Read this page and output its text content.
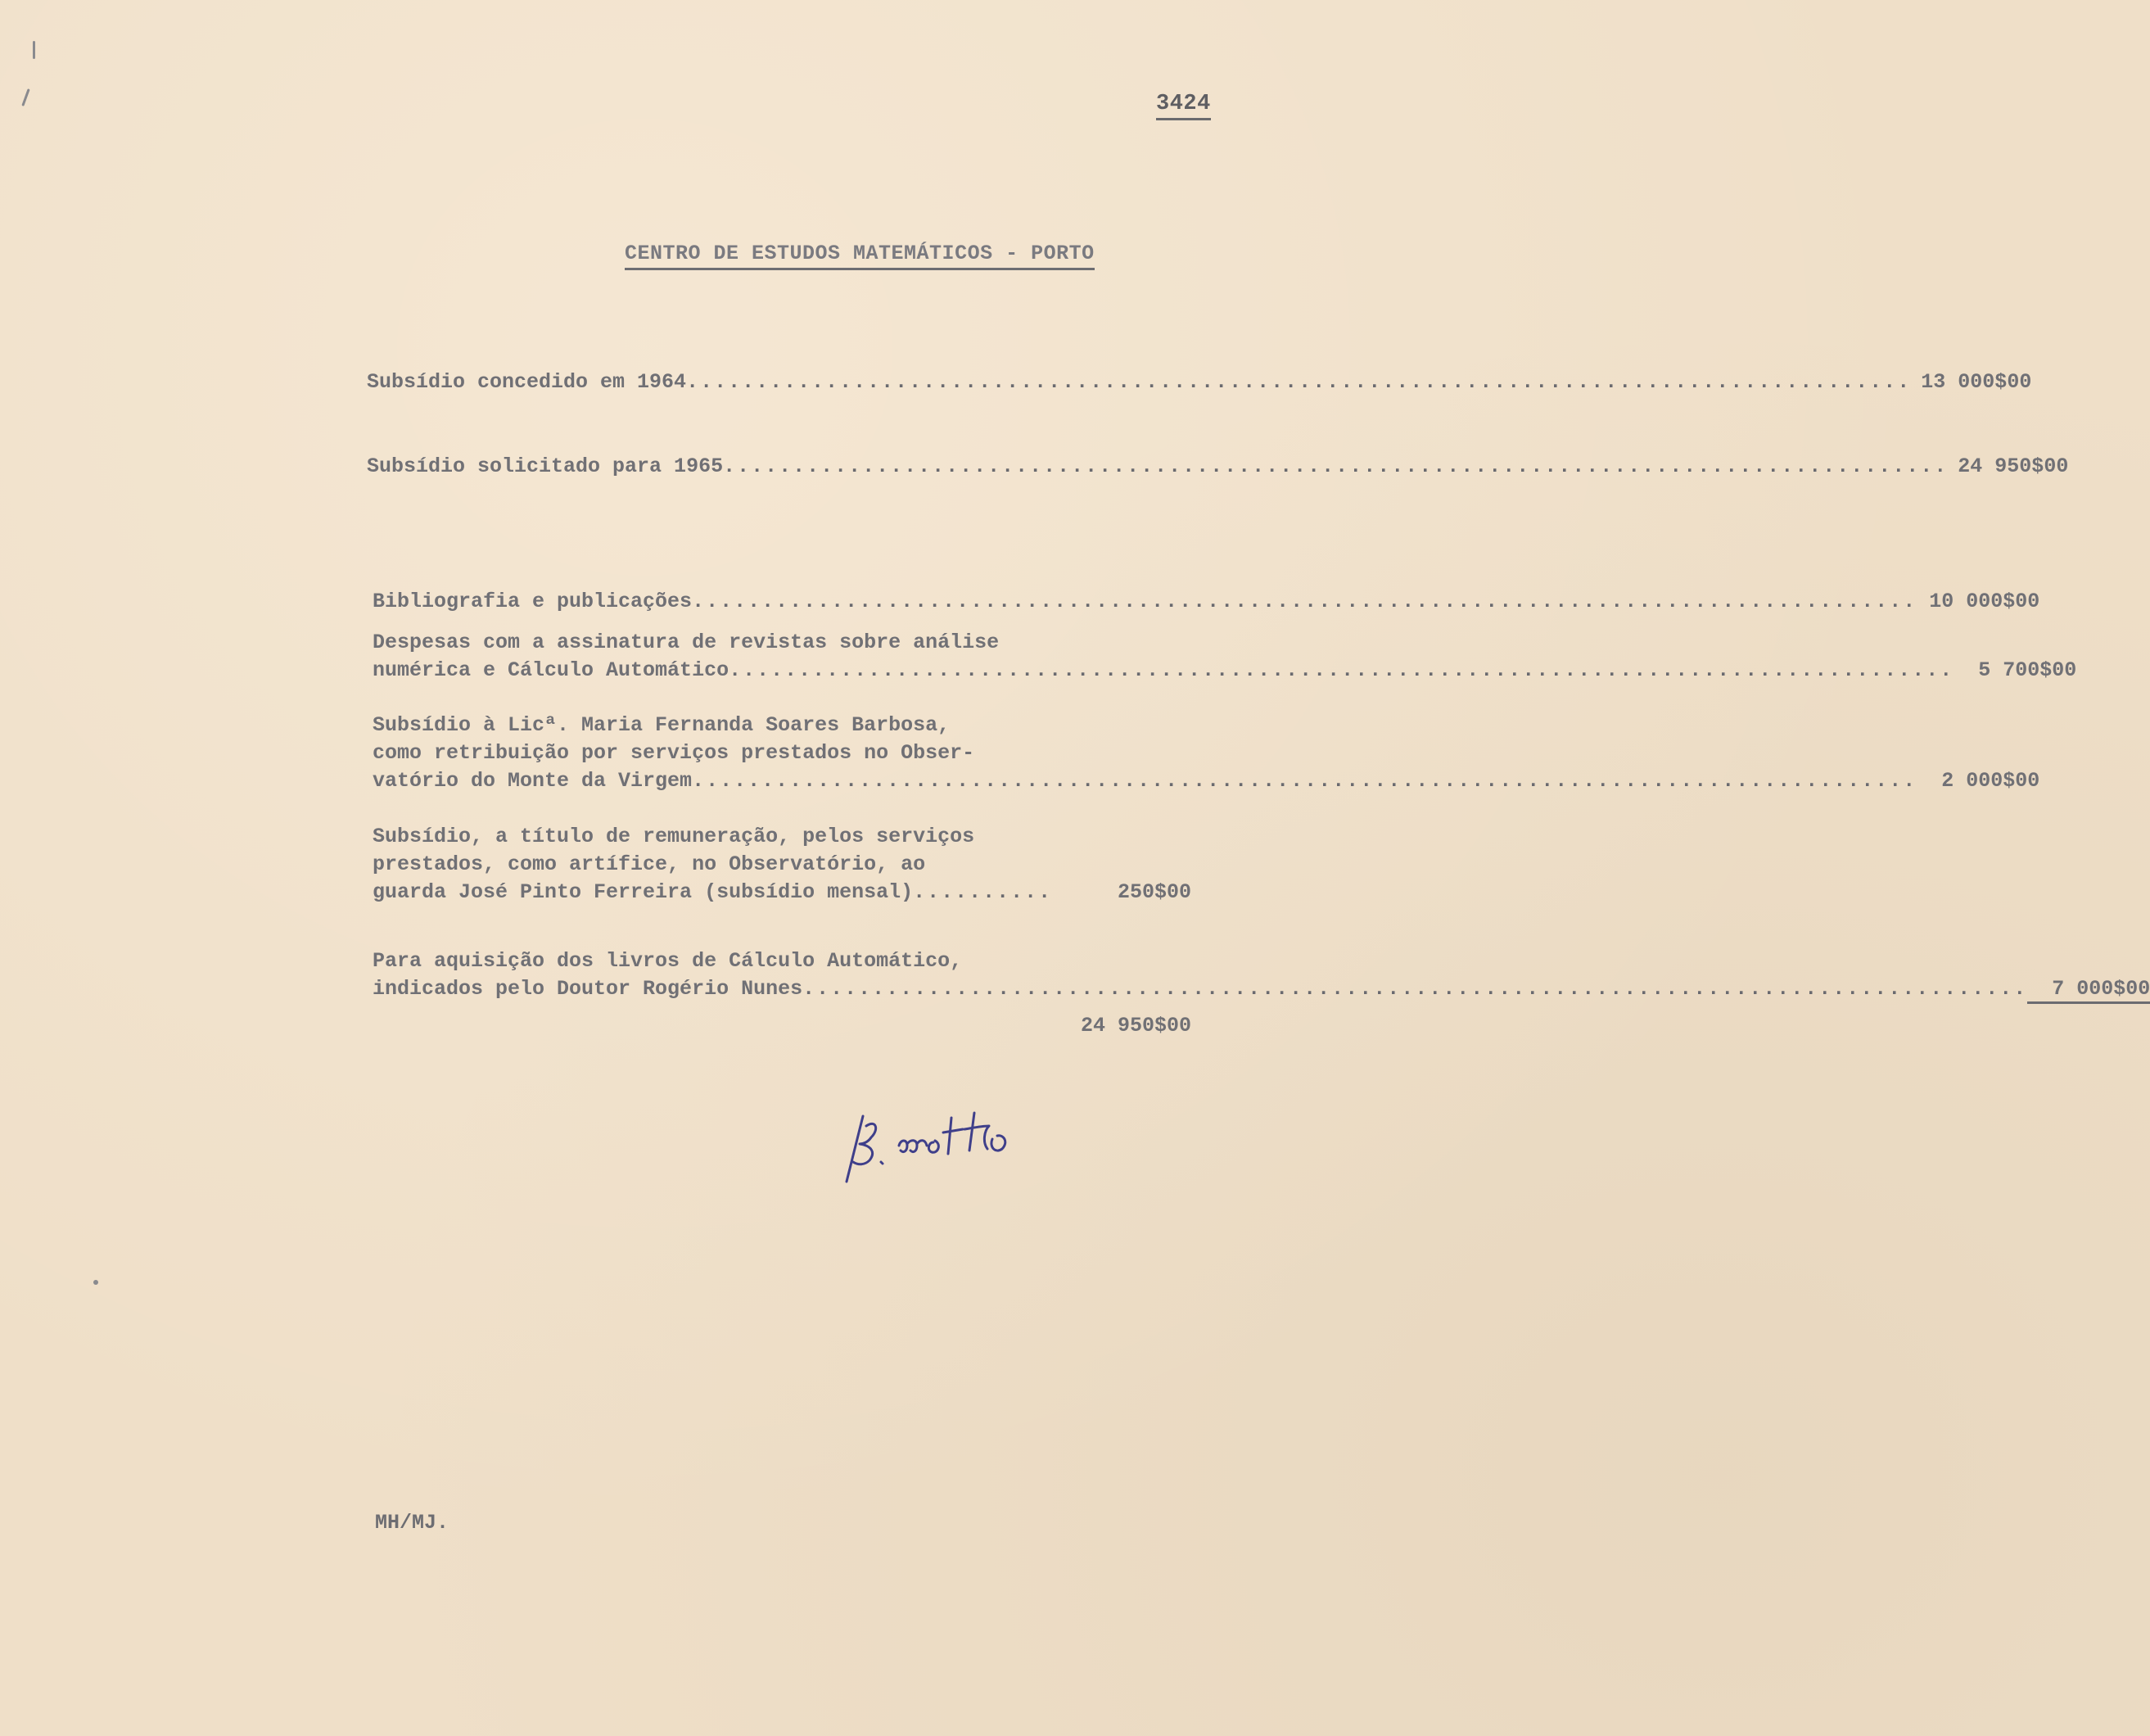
3424
CENTRO DE ESTUDOS MATEMÁTICOS - PORTO
Subsídio concedido em 1964 ........................................................................................ 13 000$00
Subsídio solicitado para 1965 ........................................................................................ 24 950$00
Bibliografia e publicações ........................................................................................ 10 000$00
Despesas com a assinatura de revistas sobre análise
numérica e Cálculo Automático ........................................................................................	5 700$00
Subsídio à Licª. Maria Fernanda Soares Barbosa,
como retribuição por serviços prestados no Obser-
vatório do Monte da Virgem ........................................................................................	2 000$00
Subsídio, a título de remuneração, pelos serviços
prestados, como artífice, no Observatório, ao
guarda José Pinto Ferreira (subsídio mensal) ..........	250$00
Para aquisição dos livros de Cálculo Automático,
indicados pelo Doutor Rogério Nunes ........................................................................................	7 000$00
24 950$00
MH/MJ.
